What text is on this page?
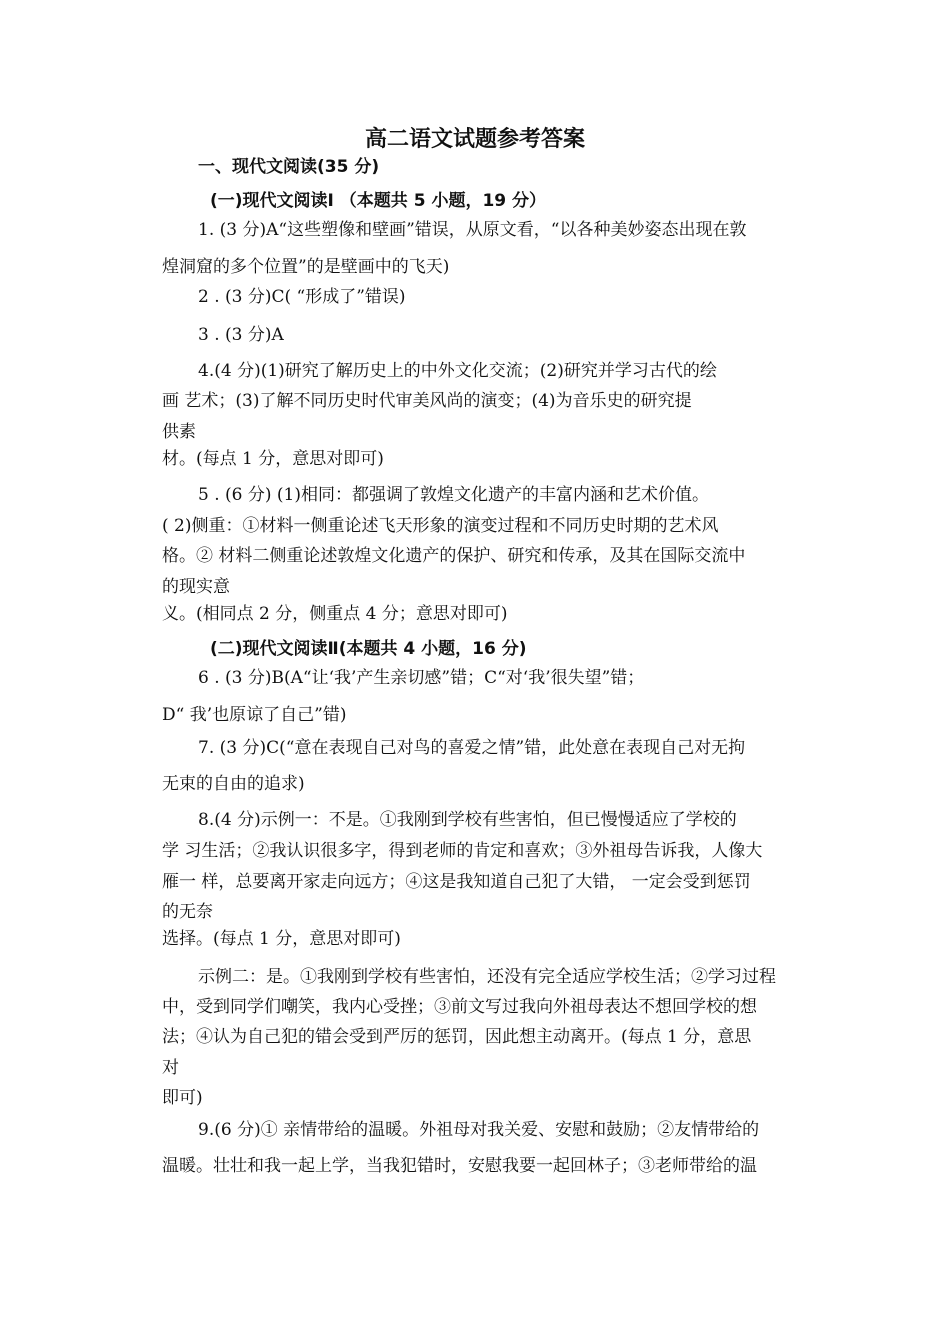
高二语文试题参考答案
一、现代文阅读(35 分)
(一)现代文阅读Ⅰ （本题共 5 小题，19 分）
1. (3 分)A“这些塑像和壁画”错误，从原文看，“以各种美妙姿态出现在敦
煌洞窟的多个位置”的是壁画中的飞天)
2 . (3 分)C( “形成了”错误)
3 . (3 分)A
4.(4 分)(1)研究了解历史上的中外文化交流；(2)研究并学习古代的绘
画 艺术；(3)了解不同历史时代审美风尚的演变；(4)为音乐史的研究提
供素
材。(每点 1 分，意思对即可)
5 . (6 分) (1)相同：都强调了敦煌文化遗产的丰富内涵和艺术价值。
( 2)侧重：①材料一侧重论述飞天形象的演变过程和不同历史时期的艺术风
格。② 材料二侧重论述敦煌文化遗产的保护、研究和传承，及其在国际交流中
的现实意
义。(相同点 2 分，侧重点 4 分；意思对即可)
(二)现代文阅读Ⅱ(本题共 4 小题，16 分)
6 . (3 分)B(A“让‘我’产生亲切感”错；C“对‘我’很失望”错；
D“ 我’也原谅了自己”错)
7. (3 分)C(“意在表现自己对鸟的喜爱之情”错，此处意在表现自己对无拘
无束的自由的追求)
8.(4 分)示例一：不是。①我刚到学校有些害怕，但已慢慢适应了学校的
学 习生活；②我认识很多字，得到老师的肯定和喜欢；③外祖母告诉我，人像大
雁一 样，总要离开家走向远方；④这是我知道自己犯了大错， 一定会受到惩罚
的无奈
选择。(每点 1 分，意思对即可)
示例二：是。①我刚到学校有些害怕，还没有完全适应学校生活；②学习过程
中，受到同学们嘲笑，我内心受挫；③前文写过我向外祖母表达不想回学校的想
法；④认为自己犯的错会受到严厉的惩罚，因此想主动离开。(每点 1 分，意思
对
即可)
9.(6 分)① 亲情带给的温暖。外祖母对我关爱、安慰和鼓励；②友情带给的
温暖。壮壮和我一起上学，当我犯错时，安慰我要一起回林子；③老师带给的温
